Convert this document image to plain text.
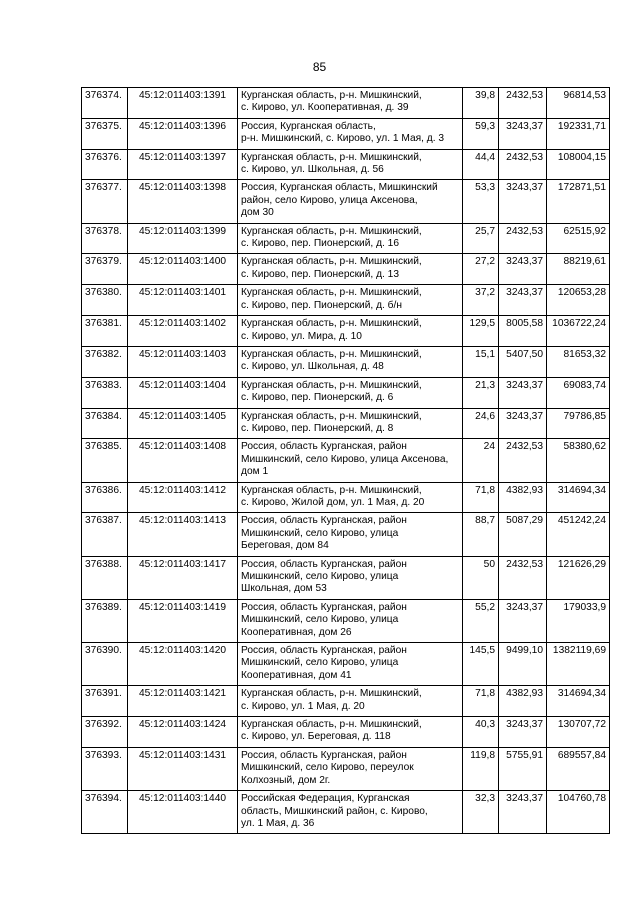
85
376374.	45:12:011403:1391	Курганская область, р-н. Мишкинский,
с. Кирово, ул. Кооперативная, д. 39	39,8	2432,53	96814,53
376375.	45:12:011403:1396	Россия, Курганская область,
р-н. Мишкинский, с. Кирово, ул. 1 Мая, д. 3	59,3	3243,37	192331,71
376376.	45:12:011403:1397	Курганская область, р-н. Мишкинский,
с. Кирово, ул. Школьная, д. 56	44,4	2432,53	108004,15
376377.	45:12:011403:1398	Россия, Курганская область, Мишкинский
район, село Кирово, улица Аксенова,
дом 30	53,3	3243,37	172871,51
376378.	45:12:011403:1399	Курганская область, р-н. Мишкинский,
с. Кирово, пер. Пионерский, д. 16	25,7	2432,53	62515,92
376379.	45:12:011403:1400	Курганская область, р-н. Мишкинский,
с. Кирово, пер. Пионерский, д. 13	27,2	3243,37	88219,61
376380.	45:12:011403:1401	Курганская область, р-н. Мишкинский,
с. Кирово, пер. Пионерский, д. б/н	37,2	3243,37	120653,28
376381.	45:12:011403:1402	Курганская область, р-н. Мишкинский,
с. Кирово, ул. Мира, д. 10	129,5	8005,58	1036722,24
376382.	45:12:011403:1403	Курганская область, р-н. Мишкинский,
с. Кирово, ул. Школьная, д. 48	15,1	5407,50	81653,32
376383.	45:12:011403:1404	Курганская область, р-н. Мишкинский,
с. Кирово, пер. Пионерский, д. 6	21,3	3243,37	69083,74
376384.	45:12:011403:1405	Курганская область, р-н. Мишкинский,
с. Кирово, пер. Пионерский, д. 8	24,6	3243,37	79786,85
376385.	45:12:011403:1408	Россия, область Курганская, район
Мишкинский, село Кирово, улица Аксенова,
дом 1	24	2432,53	58380,62
376386.	45:12:011403:1412	Курганская область, р-н. Мишкинский,
с. Кирово, Жилой дом, ул. 1 Мая, д. 20	71,8	4382,93	314694,34
376387.	45:12:011403:1413	Россия, область Курганская, район
Мишкинский, село Кирово, улица
Береговая, дом 84	88,7	5087,29	451242,24
376388.	45:12:011403:1417	Россия, область Курганская, район
Мишкинский, село Кирово, улица
Школьная, дом 53	50	2432,53	121626,29
376389.	45:12:011403:1419	Россия, область Курганская, район
Мишкинский, село Кирово, улица
Кооперативная, дом 26	55,2	3243,37	179033,9
376390.	45:12:011403:1420	Россия, область Курганская, район
Мишкинский, село Кирово, улица
Кооперативная, дом 41	145,5	9499,10	1382119,69
376391.	45:12:011403:1421	Курганская область, р-н. Мишкинский,
с. Кирово, ул. 1 Мая, д. 20	71,8	4382,93	314694,34
376392.	45:12:011403:1424	Курганская область, р-н. Мишкинский,
с. Кирово, ул. Береговая, д. 118	40,3	3243,37	130707,72
376393.	45:12:011403:1431	Россия, область Курганская, район
Мишкинский, село Кирово, переулок
Колхозный, дом 2г.	119,8	5755,91	689557,84
376394.	45:12:011403:1440	Российская Федерация, Курганская
область, Мишкинский район, с. Кирово,
ул. 1 Мая, д. 36	32,3	3243,37	104760,78
